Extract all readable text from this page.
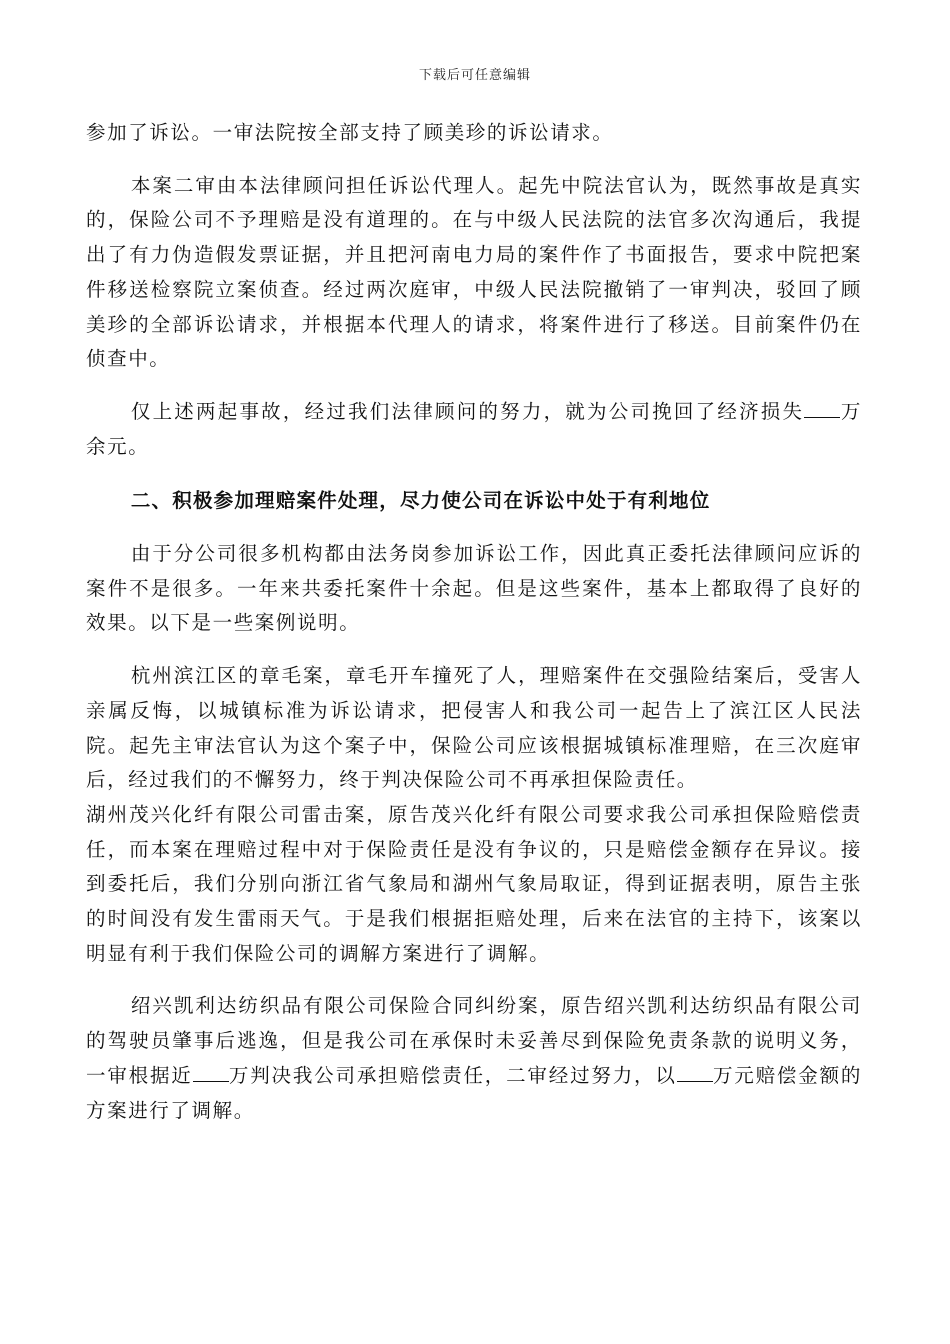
下载后可任意编辑

参加了诉讼。一审法院按全部支持了顾美珍的诉讼请求。

本案二审由本法律顾问担任诉讼代理人。起先中院法官认为，既然事故是真实的，保险公司不予理赔是没有道理的。在与中级人民法院的法官多次沟通后，我提出了有力伪造假发票证据，并且把河南电力局的案件作了书面报告，要求中院把案件移送检察院立案侦查。经过两次庭审，中级人民法院撤销了一审判决，驳回了顾美珍的全部诉讼请求，并根据本代理人的请求，将案件进行了移送。目前案件仍在侦查中。

仅上述两起事故，经过我们法律顾问的努力，就为公司挽回了经济损失 万余元。

二、积极参加理赔案件处理，尽力使公司在诉讼中处于有利地位

由于分公司很多机构都由法务岗参加诉讼工作，因此真正委托法律顾问应诉的案件不是很多。一年来共委托案件十余起。但是这些案件，基本上都取得了良好的效果。以下是一些案例说明。

杭州滨江区的章毛案，章毛开车撞死了人，理赔案件在交强险结案后，受害人亲属反悔，以城镇标准为诉讼请求，把侵害人和我公司一起告上了滨江区人民法院。起先主审法官认为这个案子中，保险公司应该根据城镇标准理赔，在三次庭审后，经过我们的不懈努力，终于判决保险公司不再承担保险责任。

湖州茂兴化纤有限公司雷击案，原告茂兴化纤有限公司要求我公司承担保险赔偿责任，而本案在理赔过程中对于保险责任是没有争议的，只是赔偿金额存在异议。接到委托后，我们分别向浙江省气象局和湖州气象局取证，得到证据表明，原告主张的时间没有发生雷雨天气。于是我们根据拒赔处理，后来在法官的主持下，该案以明显有利于我们保险公司的调解方案进行了调解。

绍兴凯利达纺织品有限公司保险合同纠纷案，原告绍兴凯利达纺织品有限公司的驾驶员肇事后逃逸，但是我公司在承保时未妥善尽到保险免责条款的说明义务，一审根据近 万判决我公司承担赔偿责任，二审经过努力，以 万元赔偿金额的方案进行了调解。
